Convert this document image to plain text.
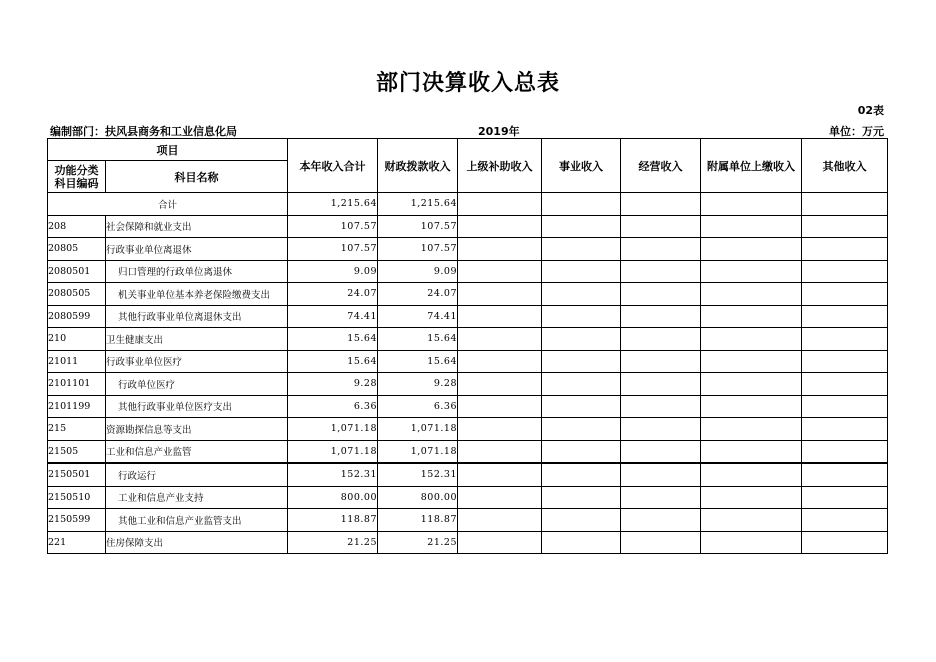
部门决算收入总表
02表
编制部门：扶风县商务和工业信息化局	2019年	单位：万元
项目		本年收入合计	财政拨款收入	上级补助收入	事业收入	经营收入	附属单位上缴收入	其他收入
功能分类
科目编码	科目名称							
合计		1,215.64	1,215.64					
208	社会保障和就业支出	107.57	107.57					
20805	行政事业单位离退休	107.57	107.57					
2080501	归口管理的行政单位离退休	9.09	9.09					
2080505	机关事业单位基本养老保险缴费支出	24.07	24.07					
2080599	其他行政事业单位离退休支出	74.41	74.41					
210	卫生健康支出	15.64	15.64					
21011	行政事业单位医疗	15.64	15.64					
2101101	行政单位医疗	9.28	9.28					
2101199	其他行政事业单位医疗支出	6.36	6.36					
215	资源勘探信息等支出	1,071.18	1,071.18					
21505	工业和信息产业监管	1,071.18	1,071.18					
2150501	行政运行	152.31	152.31					
2150510	工业和信息产业支持	800.00	800.00					
2150599	其他工业和信息产业监管支出	118.87	118.87					
221	住房保障支出	21.25	21.25					
